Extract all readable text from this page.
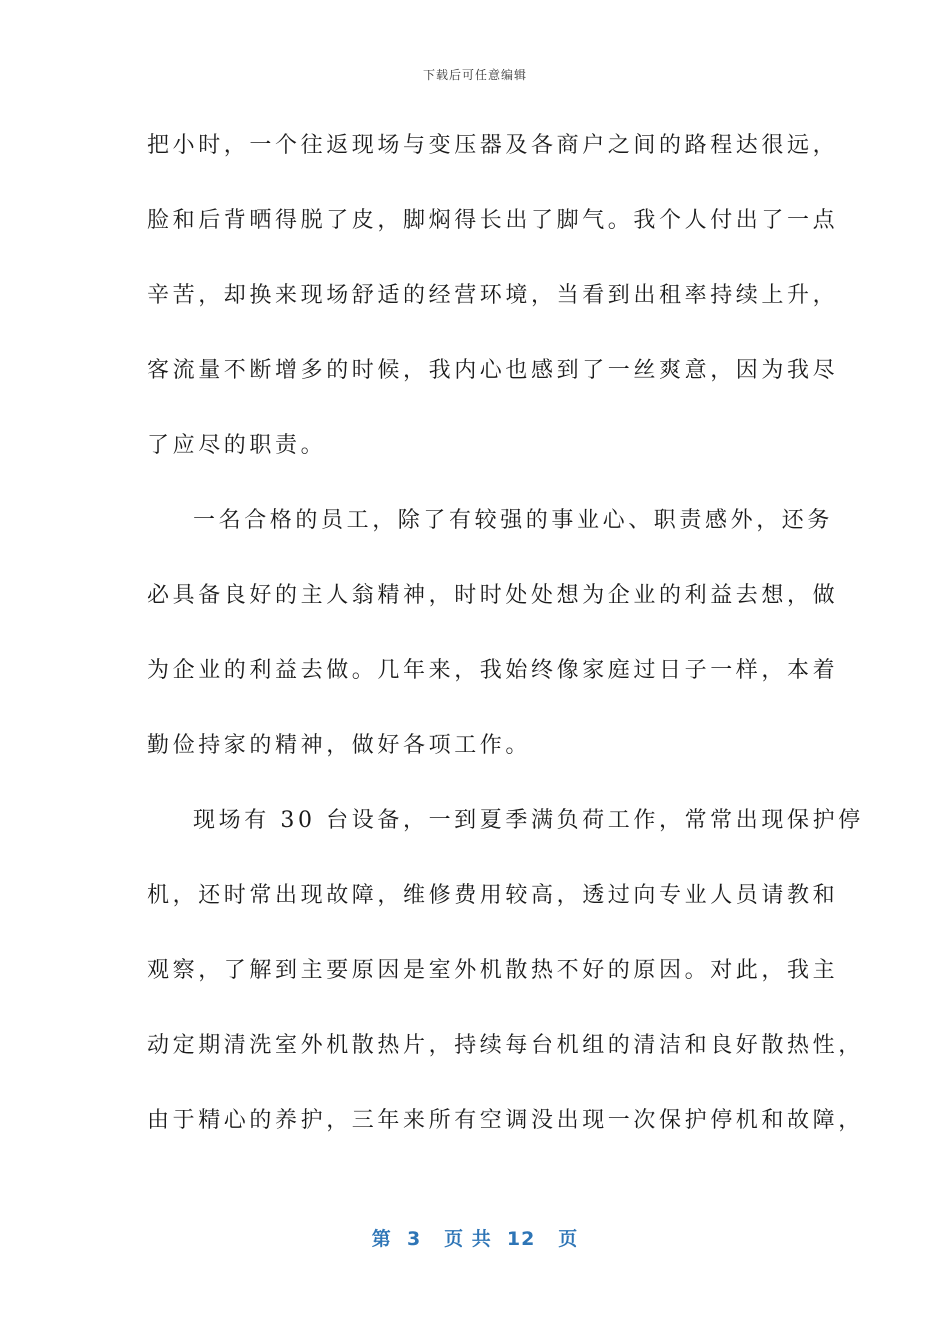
下载后可任意编辑
把小时，一个往返现场与变压器及各商户之间的路程达很远，
脸和后背晒得脱了皮，脚焖得长出了脚气。我个人付出了一点
辛苦，却换来现场舒适的经营环境，当看到出租率持续上升，
客流量不断增多的时候，我内心也感到了一丝爽意，因为我尽
了应尽的职责。
一名合格的员工，除了有较强的事业心、职责感外，还务
必具备良好的主人翁精神，时时处处想为企业的利益去想，做
为企业的利益去做。几年来，我始终像家庭过日子一样，本着
勤俭持家的精神，做好各项工作。
现场有 30 台设备，一到夏季满负荷工作，常常出现保护停
机，还时常出现故障，维修费用较高，透过向专业人员请教和
观察，了解到主要原因是室外机散热不好的原因。对此，我主
动定期清洗室外机散热片，持续每台机组的清洁和良好散热性，
由于精心的养护，三年来所有空调没出现一次保护停机和故障，
第  3   页 共  12   页
